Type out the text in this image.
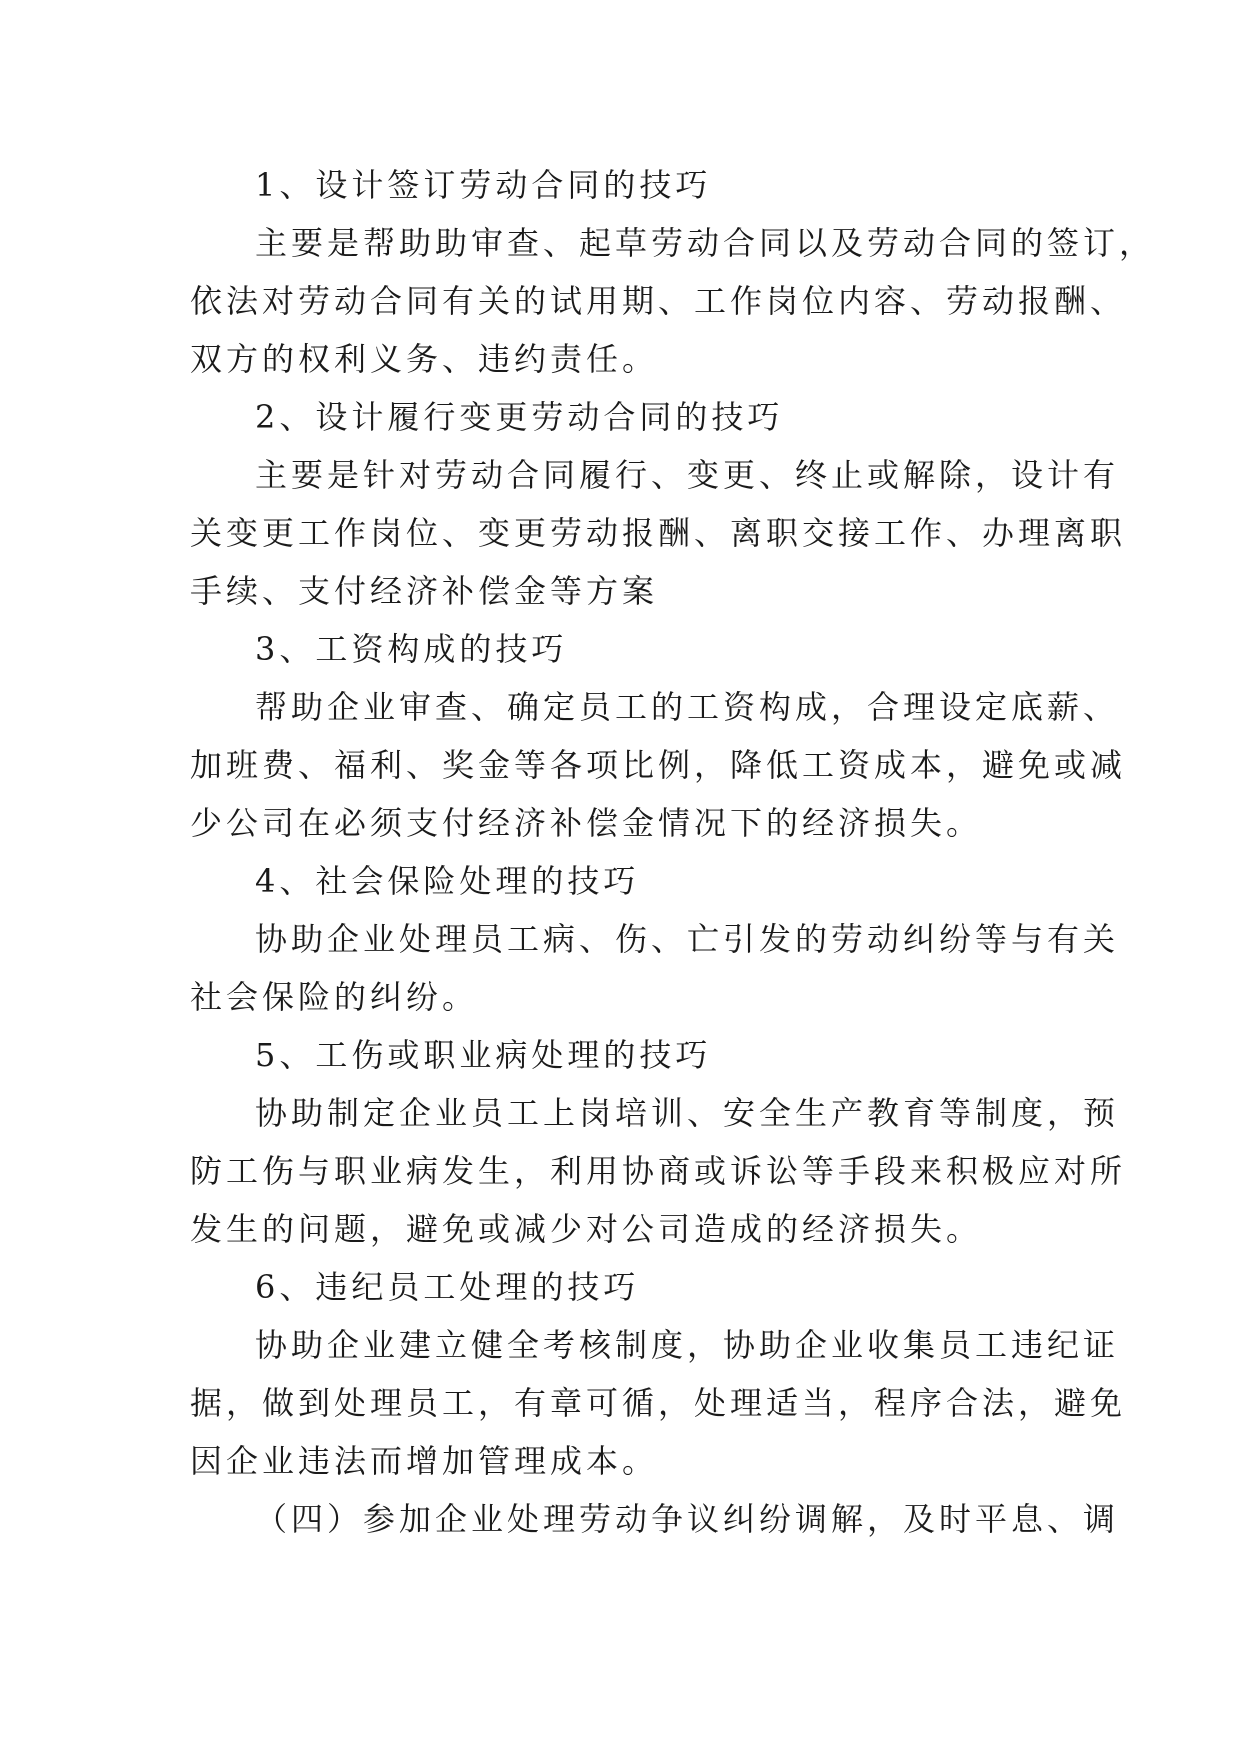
1、设计签订劳动合同的技巧
主要是帮助助审查、起草劳动合同以及劳动合同的签订，
依法对劳动合同有关的试用期、工作岗位内容、劳动报酬、
双方的权利义务、违约责任。
2、设计履行变更劳动合同的技巧
主要是针对劳动合同履行、变更、终止或解除，设计有
关变更工作岗位、变更劳动报酬、离职交接工作、办理离职
手续、支付经济补偿金等方案
3、工资构成的技巧
帮助企业审查、确定员工的工资构成，合理设定底薪、
加班费、福利、奖金等各项比例，降低工资成本，避免或减
少公司在必须支付经济补偿金情况下的经济损失。
4、社会保险处理的技巧
协助企业处理员工病、伤、亡引发的劳动纠纷等与有关
社会保险的纠纷。
5、工伤或职业病处理的技巧
协助制定企业员工上岗培训、安全生产教育等制度，预
防工伤与职业病发生，利用协商或诉讼等手段来积极应对所
发生的问题，避免或减少对公司造成的经济损失。
6、违纪员工处理的技巧
协助企业建立健全考核制度，协助企业收集员工违纪证
据，做到处理员工，有章可循，处理适当，程序合法，避免
因企业违法而增加管理成本。
（四）参加企业处理劳动争议纠纷调解，及时平息、调
